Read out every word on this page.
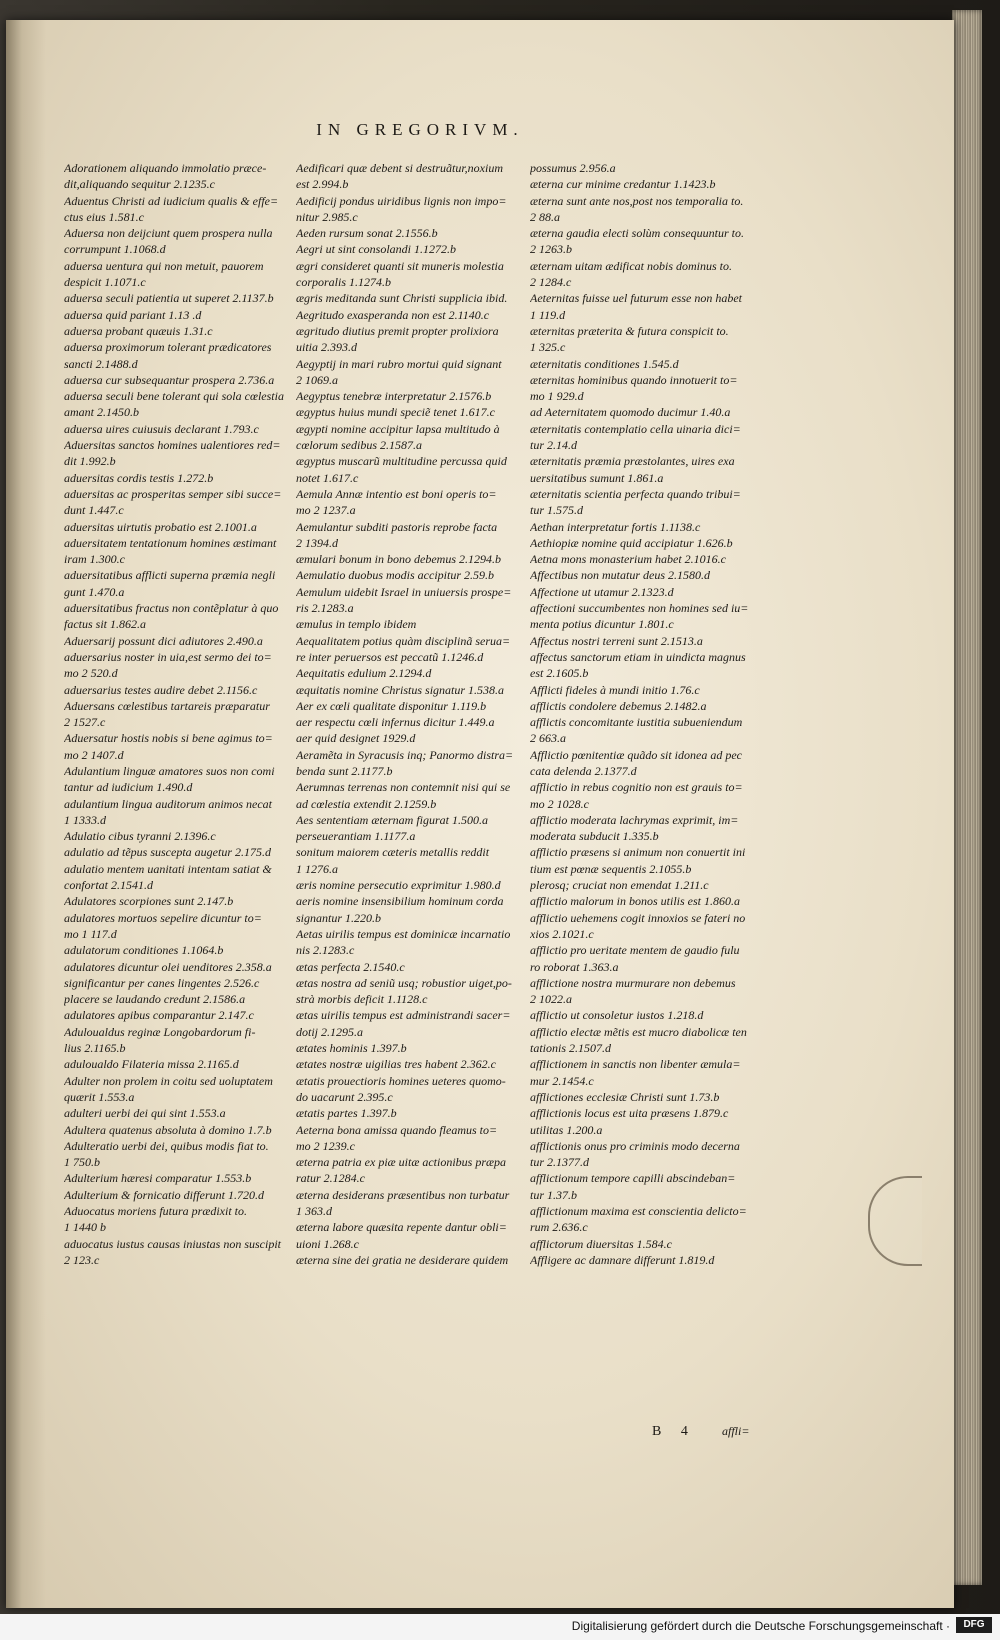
IN GREGORIVM.
Adorationem aliquando immolatio præce-
dit,aliquando sequitur 2.1235.c
Aduentus Christi ad iudicium qualis & effe=
ctus eius 1.581.c
Aduersa non deijciunt quem prospera nulla
corrumpunt 1.1068.d
aduersa uentura qui non metuit, pauorem
despicit 1.1071.c
aduersa seculi patientia ut superet 2.1137.b
aduersa quid pariant 1.13 .d
aduersa probant quæuis 1.31.c
aduersa proximorum tolerant prædicatores
sancti 2.1488.d
aduersa cur subsequantur prospera 2.736.a
aduersa seculi bene tolerant qui sola cœlestia
amant 2.1450.b
aduersa uires cuiusuis declarant 1.793.c
Aduersitas sanctos homines ualentiores red=
dit 1.992.b
aduersitas cordis testis 1.272.b
aduersitas ac prosperitas semper sibi succe=
dunt 1.447.c
aduersitas uirtutis probatio est 2.1001.a
aduersitatem tentationum homines æstimant
iram 1.300.c
aduersitatibus afflicti superna præmia negli
gunt 1.470.a
aduersitatibus fractus non contẽplatur à quo
factus sit 1.862.a
Aduersarij possunt dici adiutores 2.490.a
aduersarius noster in uia,est sermo dei to=
mo 2 520.d
aduersarius testes audire debet 2.1156.c
Aduersans cœlestibus tartareis præparatur
2 1527.c
Aduersatur hostis nobis si bene agimus to=
mo 2 1407.d
Adulantium linguæ amatores suos non comi
tantur ad iudicium 1.490.d
adulantium lingua auditorum animos necat
1 1333.d
Adulatio cibus tyranni 2.1396.c
adulatio ad tẽpus suscepta augetur 2.175.d
adulatio mentem uanitati intentam satiat &
confortat 2.1541.d
Adulatores scorpiones sunt 2.147.b
adulatores mortuos sepelire dicuntur to=
mo 1 117.d
adulatorum conditiones 1.1064.b
adulatores dicuntur olei uenditores 2.358.a
significantur per canes lingentes 2.526.c
placere se laudando credunt 2.1586.a
adulatores apibus comparantur 2.147.c
Aduloualdus reginæ Longobardorum fi-
lius 2.1165.b
aduloualdo Filateria missa 2.1165.d
Adulter non prolem in coitu sed uoluptatem
quærit 1.553.a
adulteri uerbi dei qui sint 1.553.a
Adultera quatenus absoluta à domino 1.7.b
Adulteratio uerbi dei, quibus modis fiat to.
1 750.b
Adulterium hæresi comparatur 1.553.b
Adulterium & fornicatio differunt 1.720.d
Aduocatus moriens futura prædixit to.
1 1440 b
aduocatus iustus causas iniustas non suscipit
2 123.c
Aedificari quæ debent si destruãtur,noxium
est 2.994.b
Aedificij pondus uiridibus lignis non impo=
nitur 2.985.c
Aeden rursum sonat 2.1556.b
Aegri ut sint consolandi 1.1272.b
ægri consideret quanti sit muneris molestia
corporalis 1.1274.b
ægris meditanda sunt Christi supplicia ibid.
Aegritudo exasperanda non est 2.1140.c
ægritudo diutius premit propter prolixiora
uitia 2.393.d
Aegyptij in mari rubro mortui quid signant
2 1069.a
Aegyptus tenebræ interpretatur 2.1576.b
ægyptus huius mundi speciẽ tenet 1.617.c
ægypti nomine accipitur lapsa multitudo à
cœlorum sedibus 2.1587.a
ægyptus muscarũ multitudine percussa quid
notet 1.617.c
Aemula Annæ intentio est boni operis to=
mo 2 1237.a
Aemulantur subditi pastoris reprobe facta
2 1394.d
æmulari bonum in bono debemus 2.1294.b
Aemulatio duobus modis accipitur 2.59.b
Aemulum uidebit Israel in uniuersis prospe=
ris 2.1283.a
æmulus in templo ibidem
Aequalitatem potius quàm disciplinã serua=
re inter peruersos est peccatũ 1.1246.d
Aequitatis edulium 2.1294.d
æquitatis nomine Christus signatur 1.538.a
Aer ex cœli qualitate disponitur 1.119.b
aer respectu cœli infernus dicitur 1.449.a
aer quid designet 1929.d
Aeramẽta in Syracusis inq; Panormo distra=
benda sunt 2.1177.b
Aerumnas terrenas non contemnit nisi qui se
ad cœlestia extendit 2.1259.b
Aes sententiam æternam figurat 1.500.a
perseuerantiam 1.1177.a
sonitum maiorem cæteris metallis reddit
1 1276.a
æris nomine persecutio exprimitur 1.980.d
aeris nomine insensibilium hominum corda
signantur 1.220.b
Aetas uirilis tempus est dominicæ incarnatio
nis 2.1283.c
ætas perfecta 2.1540.c
ætas nostra ad seniũ usq; robustior uiget,po-
strà morbis deficit 1.1128.c
ætas uirilis tempus est administrandi sacer=
dotij 2.1295.a
ætates hominis 1.397.b
ætates nostræ uigilias tres habent 2.362.c
ætatis prouectioris homines ueteres quomo-
do uacarunt 2.395.c
ætatis partes 1.397.b
Aeterna bona amissa quando fleamus to=
mo 2 1239.c
æterna patria ex piæ uitæ actionibus præpa
ratur 2.1284.c
æterna desiderans præsentibus non turbatur
1 363.d
æterna labore quæsita repente dantur obli=
uioni 1.268.c
æterna sine dei gratia ne desiderare quidem
possumus 2.956.a
æterna cur minime credantur 1.1423.b
æterna sunt ante nos,post nos temporalia to.
2 88.a
æterna gaudia electi solùm consequuntur to.
2 1263.b
æternam uitam ædificat nobis dominus to.
2 1284.c
Aeternitas fuisse uel futurum esse non habet
1 119.d
æternitas præterita & futura conspicit to.
1 325.c
æternitatis conditiones 1.545.d
æternitas hominibus quando innotuerit to=
mo 1 929.d
ad Aeternitatem quomodo ducimur 1.40.a
æternitatis contemplatio cella uinaria dici=
tur 2.14.d
æternitatis præmia præstolantes, uires exa
uersitatibus sumunt 1.861.a
æternitatis scientia perfecta quando tribui=
tur 1.575.d
Aethan interpretatur fortis 1.1138.c
Aethiopiæ nomine quid accipiatur 1.626.b
Aetna mons monasterium habet 2.1016.c
Affectibus non mutatur deus 2.1580.d
Affectione ut utamur 2.1323.d
affectioni succumbentes non homines sed iu=
menta potius dicuntur 1.801.c
Affectus nostri terreni sunt 2.1513.a
affectus sanctorum etiam in uindicta magnus
est 2.1605.b
Afflicti fideles à mundi initio 1.76.c
afflictis condolere debemus 2.1482.a
afflictis concomitante iustitia subueniendum
2 663.a
Afflictio pœnitentiæ quãdo sit idonea ad pec
cata delenda 2.1377.d
afflictio in rebus cognitio non est grauis to=
mo 2 1028.c
afflictio moderata lachrymas exprimit, im=
moderata subducit 1.335.b
afflictio præsens si animum non conuertit ini
tium est pœnæ sequentis 2.1055.b
plerosq; cruciat non emendat 1.211.c
afflictio malorum in bonos utilis est 1.860.a
afflictio uehemens cogit innoxios se fateri no
xios 2.1021.c
afflictio pro ueritate mentem de gaudio fulu
ro roborat 1.363.a
afflictione nostra murmurare non debemus
2 1022.a
afflictio ut consoletur iustos 1.218.d
afflictio electæ mẽtis est mucro diabolicæ ten
tationis 2.1507.d
afflictionem in sanctis non libenter æmula=
mur 2.1454.c
afflictiones ecclesiæ Christi sunt 1.73.b
afflictionis locus est uita præsens 1.879.c
utilitas 1.200.a
afflictionis onus pro criminis modo decerna
tur 2.1377.d
afflictionum tempore capilli abscindeban=
tur 1.37.b
afflictionum maxima est conscientia delicto=
rum 2.636.c
afflictorum diuersitas 1.584.c
Affligere ac damnare differunt 1.819.d
B 4 affli=
Digitalisierung gefördert durch die Deutsche Forschungsgemeinschaft ·	DFG
